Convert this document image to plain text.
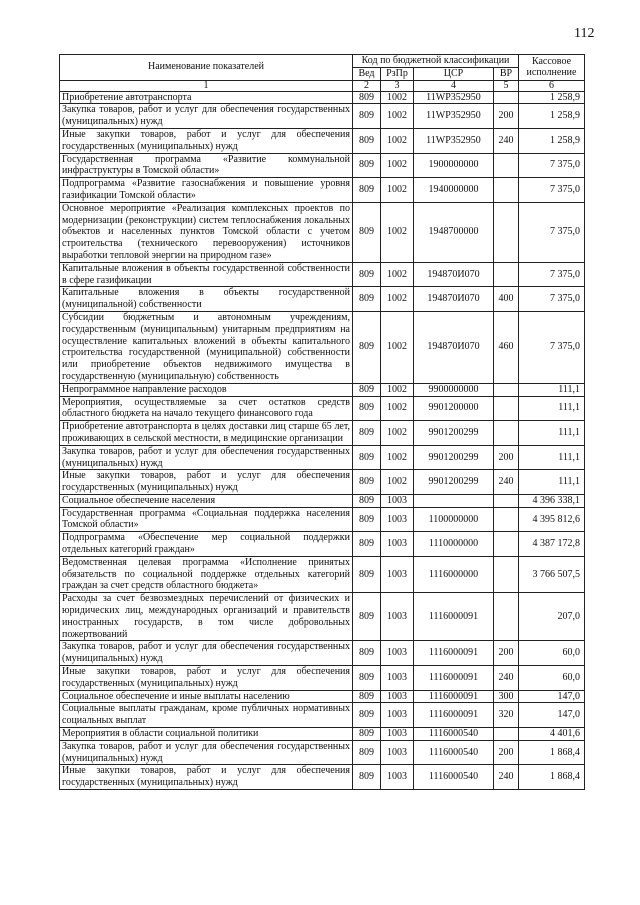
112
Наименование показателей	Код по бюджетной классификации				Кассовое исполнение
	Вед	РзПр	ЦСР	ВР	
1	2	3	4	5	6
Приобретение автотранспорта	809	1002	11WP352950		1 258,9
Закупка товаров, работ и услуг для обеспечения государственных (муниципальных) нужд	809	1002	11WP352950	200	1 258,9
Иные закупки товаров, работ и услуг для обеспечения государственных (муниципальных) нужд	809	1002	11WP352950	240	1 258,9
Государственная программа «Развитие коммунальной инфраструктуры в Томской области»	809	1002	1900000000		7 375,0
Подпрограмма «Развитие газоснабжения и повышение уровня газификации Томской области»	809	1002	1940000000		7 375,0
Основное мероприятие «Реализация комплексных проектов по модернизации (реконструкции) систем теплоснабжения локальных объектов и населенных пунктов Томской области с учетом строительства (технического перевооружения) источников выработки тепловой энергии на природном газе»	809	1002	1948700000		7 375,0
Капитальные вложения в объекты государственной собственности в сфере газификации	809	1002	194870И070		7 375,0
Капитальные вложения в объекты государственной (муниципальной) собственности	809	1002	194870И070	400	7 375,0
Субсидии бюджетным и автономным учреждениям, государственным (муниципальным) унитарным предприятиям на осуществление капитальных вложений в объекты капитального строительства государственной (муниципальной) собственности или приобретение объектов недвижимого имущества в государственную (муниципальную) собственность	809	1002	194870И070	460	7 375,0
Непрограммное направление расходов	809	1002	9900000000		111,1
Мероприятия, осуществляемые за счет остатков средств областного бюджета на начало текущего финансового года	809	1002	9901200000		111,1
Приобретение автотранспорта в целях доставки лиц старше 65 лет, проживающих в сельской местности, в медицинские организации	809	1002	9901200299		111,1
Закупка товаров, работ и услуг для обеспечения государственных (муниципальных) нужд	809	1002	9901200299	200	111,1
Иные закупки товаров, работ и услуг для обеспечения государственных (муниципальных) нужд	809	1002	9901200299	240	111,1
Социальное обеспечение населения	809	1003			4 396 338,1
Государственная программа «Социальная поддержка населения Томской области»	809	1003	1100000000		4 395 812,6
Подпрограмма «Обеспечение мер социальной поддержки отдельных категорий граждан»	809	1003	1110000000		4 387 172,8
Ведомственная целевая программа «Исполнение принятых обязательств по социальной поддержке отдельных категорий граждан за счет средств областного бюджета»	809	1003	1116000000		3 766 507,5
Расходы за счет безвозмездных перечислений от физических и юридических лиц, международных организаций и правительств иностранных государств, в том числе добровольных пожертвований	809	1003	1116000091		207,0
Закупка товаров, работ и услуг для обеспечения государственных (муниципальных) нужд	809	1003	1116000091	200	60,0
Иные закупки товаров, работ и услуг для обеспечения государственных (муниципальных) нужд	809	1003	1116000091	240	60,0
Социальное обеспечение и иные выплаты населению	809	1003	1116000091	300	147,0
Социальные выплаты гражданам, кроме публичных нормативных социальных выплат	809	1003	1116000091	320	147,0
Мероприятия в области социальной политики	809	1003	1116000540		4 401,6
Закупка товаров, работ и услуг для обеспечения государственных (муниципальных) нужд	809	1003	1116000540	200	1 868,4
Иные закупки товаров, работ и услуг для обеспечения государственных (муниципальных) нужд	809	1003	1116000540	240	1 868,4
